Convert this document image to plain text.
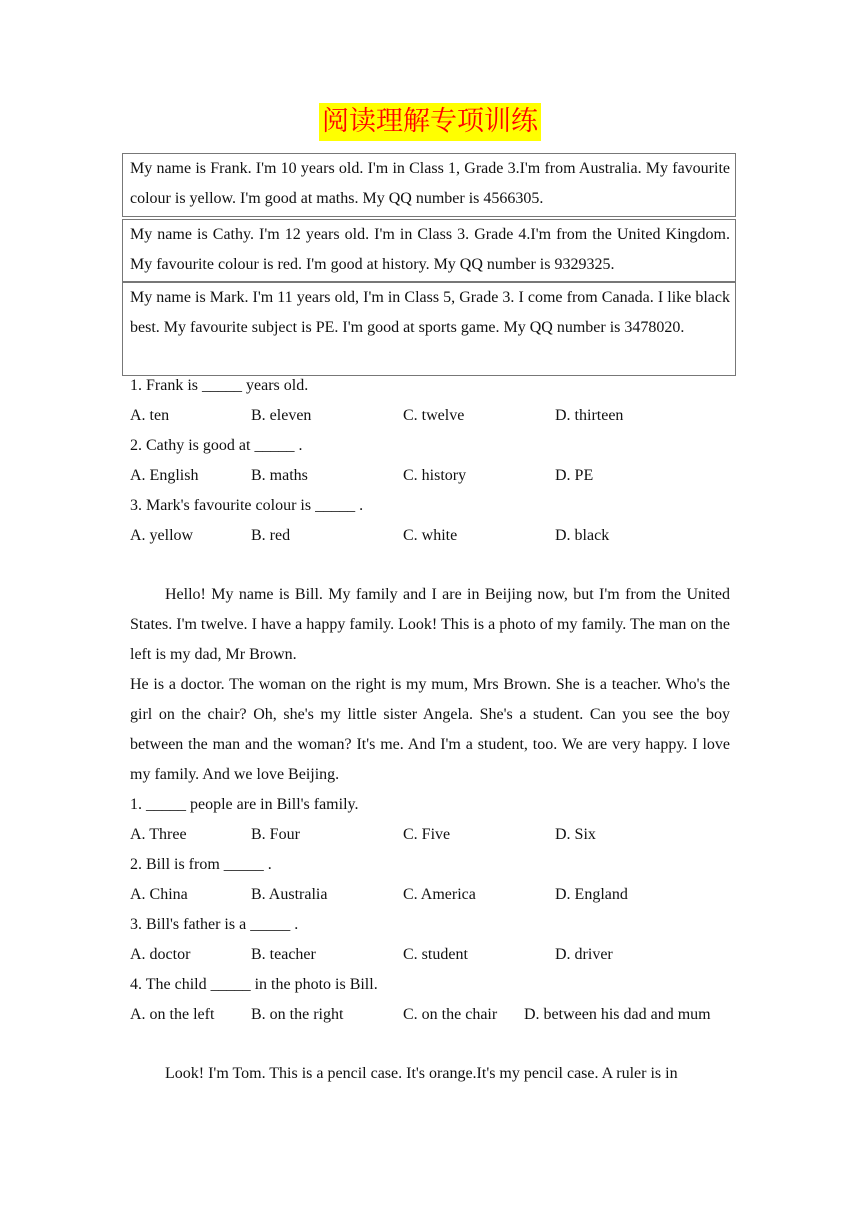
阅读理解专项训练
My name is Frank. I'm 10 years old. I'm in Class 1, Grade 3.I'm from Australia. My favourite colour is yellow. I'm good at maths. My QQ number is 4566305.
My name is Cathy. I'm 12 years old. I'm in Class 3. Grade 4.I'm from the United Kingdom. My favourite colour is red. I'm good at history. My QQ number is 9329325.
My name is Mark. I'm 11 years old, I'm in Class 5, Grade 3. I come from Canada. I like black best. My favourite subject is PE. I'm good at sports game. My QQ number is 3478020.
1. Frank is _____ years old.
A. ten	B. eleven	C. twelve	D. thirteen
2. Cathy is good at _____ .
A. English	B. maths	C. history	D. PE
3. Mark's favourite colour is _____ .
A. yellow	B. red	C. white	D. black
Hello! My name is Bill. My family and I are in Beijing now, but I'm from the United States. I'm twelve. I have a happy family. Look! This is a photo of my family. The man on the left is my dad, Mr Brown.
He is a doctor. The woman on the right is my mum, Mrs Brown. She is a teacher. Who's the girl on the chair? Oh, she's my little sister Angela. She's a student. Can you see the boy between the man and the woman? It's me. And I'm a student, too. We are very happy. I love my family. And we love Beijing.
1. _____ people are in Bill's family.
A. Three	B. Four	C. Five	D. Six
2. Bill is from _____ .
A. China	B. Australia	C. America	D. England
3. Bill's father is a _____ .
A. doctor	B. teacher	C. student	D. driver
4. The child _____ in the photo is Bill.
A. on the left B. on the right	C. on the chair D. between his dad and mum
Look! I'm Tom. This is a pencil case. It's orange.It's my pencil case. A ruler is in
